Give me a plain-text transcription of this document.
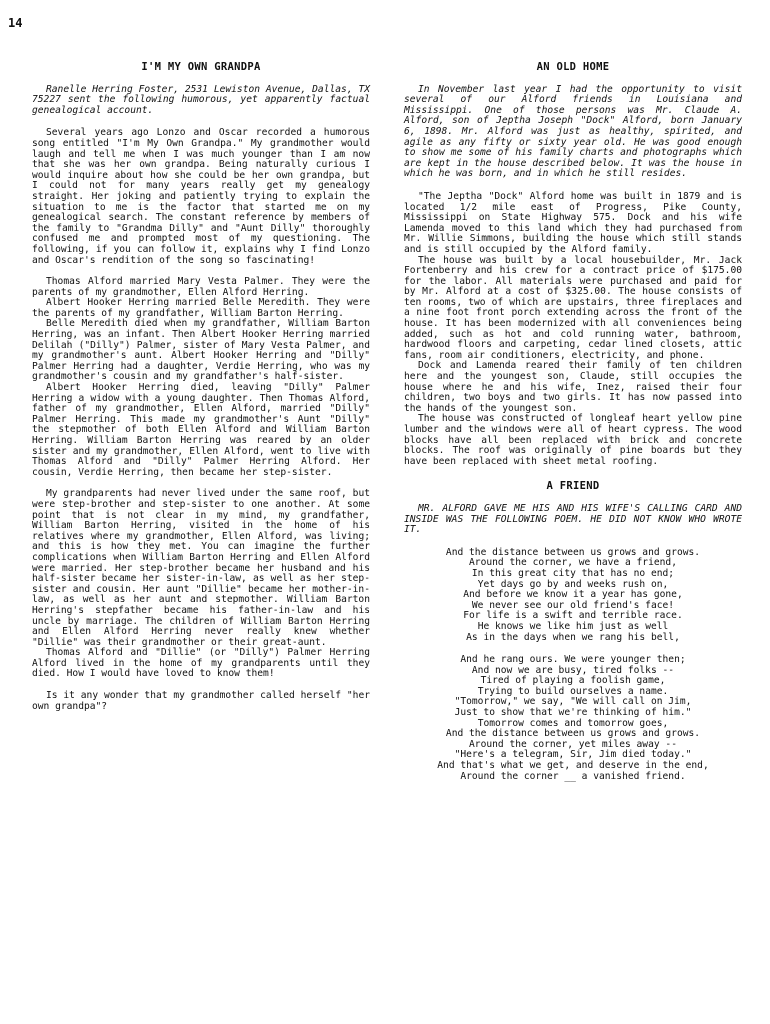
14
I'M MY OWN GRANDPA

Ranelle Herring Foster, 2531 Lewiston Avenue, Dallas, TX 75227 sent the following humorous, yet apparently factual genealogical account.

Several years ago Lonzo and Oscar recorded a humorous song entitled "I'm My Own Grandpa." My grandmother would laugh and tell me when I was much younger than I am now that she was her own grandpa. Being naturally curious I would inquire about how she could be her own grandpa, but I could not for many years really get my genealogy straight. Her joking and patiently trying to explain the situation to me is the factor that started me on my genealogical search. The constant reference by members of the family to "Grandma Dilly" and "Aunt Dilly" thoroughly confused me and prompted most of my questioning. The following, if you can follow it, explains why I find Lonzo and Oscar's rendition of the song so fascinating!

Thomas Alford married Mary Vesta Palmer. They were the parents of my grandmother, Ellen Alford Herring.

Albert Hooker Herring married Belle Meredith. They were the parents of my grandfather, William Barton Herring.

Belle Meredith died when my grandfather, William Barton Herring, was an infant. Then Albert Hooker Herring married Delilah ("Dilly") Palmer, sister of Mary Vesta Palmer, and my grandmother's aunt. Albert Hooker Herring and "Dilly" Palmer Herring had a daughter, Verdie Herring, who was my grandmother's cousin and my grandfather's half-sister.

Albert Hooker Herring died, leaving "Dilly" Palmer Herring a widow with a young daughter. Then Thomas Alford, father of my grandmother, Ellen Alford, married "Dilly" Palmer Herring. This made my grandmother's Aunt "Dilly" the stepmother of both Ellen Alford and William Barton Herring. William Barton Herring was reared by an older sister and my grandmother, Ellen Alford, went to live with Thomas Alford and "Dilly" Palmer Herring Alford. Her cousin, Verdie Herring, then became her step-sister.

My grandparents had never lived under the same roof, but were step-brother and step-sister to one another. At some point that is not clear in my mind, my grandfather, William Barton Herring, visited in the home of his relatives where my grandmother, Ellen Alford, was living; and this is how they met. You can imagine the further complications when William Barton Herring and Ellen Alford were married. Her step-brother became her husband and his half-sister became her sister-in-law, as well as her step-sister and cousin. Her aunt "Dillie" became her mother-in-law, as well as her aunt and stepmother. William Barton Herring's stepfather became his father-in-law and his uncle by marriage. The children of William Barton Herring and Ellen Alford Herring never really knew whether "Dillie" was their grandmother or their great-aunt.

Thomas Alford and "Dillie" (or "Dilly") Palmer Herring Alford lived in the home of my grandparents until they died. How I would have loved to know them!

Is it any wonder that my grandmother called herself "her own grandpa"?

AN OLD HOME

In November last year I had the opportunity to visit several of our Alford friends in Louisiana and Mississippi. One of those persons was Mr. Claude A. Alford, son of Jeptha Joseph "Dock" Alford, born January 6, 1898. Mr. Alford was just as healthy, spirited, and agile as any fifty or sixty year old. He was good enough to show me some of his family charts and photographs which are kept in the house described below. It was the house in which he was born, and in which he still resides.

"The Jeptha "Dock" Alford home was built in 1879 and is located 1/2 mile east of Progress, Pike County, Mississippi on State Highway 575. Dock and his wife Lamenda moved to this land which they had purchased from Mr. Willie Simmons, building the house which still stands and is still occupied by the Alford family.

The house was built by a local housebuilder, Mr. Jack Fortenberry and his crew for a contract price of $175.00 for the labor. All materials were purchased and paid for by Mr. Alford at a cost of $325.00. The house consists of ten rooms, two of which are upstairs, three fireplaces and a nine foot front porch extending across the front of the house. It has been modernized with all conveniences being added, such as hot and cold running water, bathroom, hardwood floors and carpeting, cedar lined closets, attic fans, room air conditioners, electricity, and phone.

Dock and Lamenda reared their family of ten children here and the youngest son, Claude, still occupies the house where he and his wife, Inez, raised their four children, two boys and two girls. It has now passed into the hands of the youngest son.

The house was constructed of longleaf heart yellow pine lumber and the windows were all of heart cypress. The wood blocks have all been replaced with brick and concrete blocks. The roof was originally of pine boards but they have been replaced with sheet metal roofing.

A FRIEND

MR. ALFORD GAVE ME HIS AND HIS WIFE'S CALLING CARD AND INSIDE WAS THE FOLLOWING POEM. HE DID NOT KNOW WHO WROTE IT.

And the distance between us grows and grows.

Around the corner, we have a friend,

In this great city that has no end;

Yet days go by and weeks rush on,

And before we know it a year has gone,

We never see our old friend's face!

For life is a swift and terrible race.

He knows we like him just as well

As in the days when we rang his bell,

And he rang ours. We were younger then;

And now we are busy, tired folks --

Tired of playing a foolish game,

Trying to build ourselves a name.

"Tomorrow," we say, "We will call on Jim,

Just to show that we're thinking of him."

Tomorrow comes and tomorrow goes,

And the distance between us grows and grows.

Around the corner, yet miles away --

"Here's a telegram, Sir, Jim died today."

And that's what we get, and deserve in the end,

Around the corner __ a vanished friend.
